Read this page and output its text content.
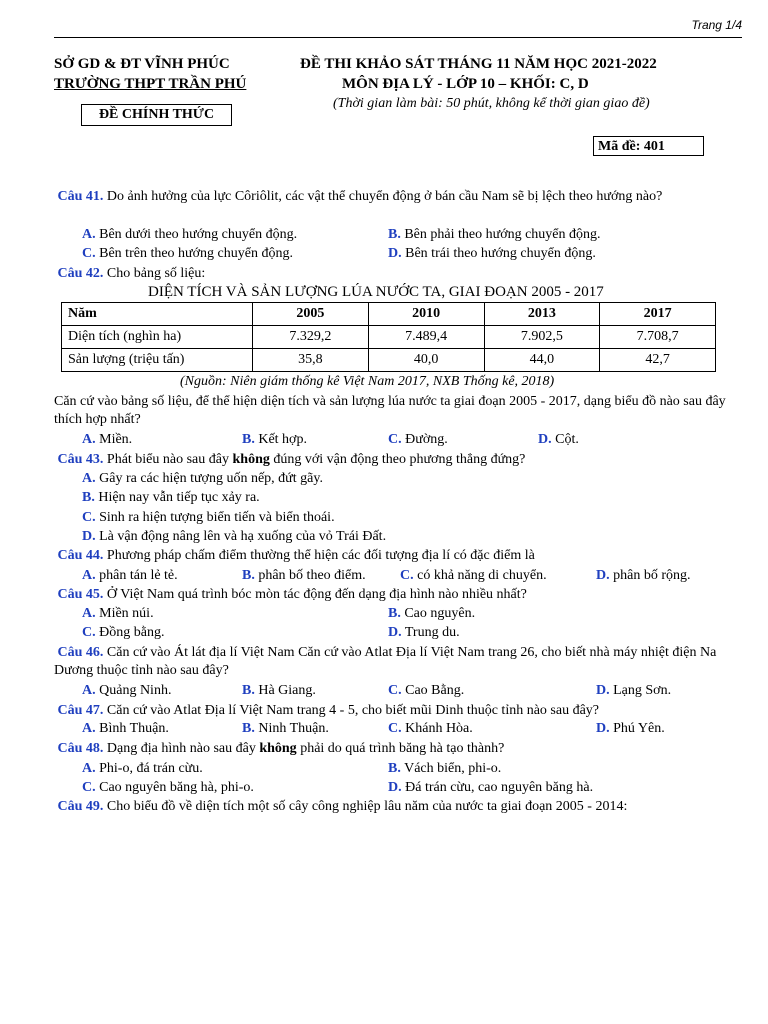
Trang 1/4
SỞ GD & ĐT VĨNH PHÚC
TRƯỜNG THPT TRẦN PHÚ
ĐỀ CHÍNH THỨC
ĐỀ THI KHẢO SÁT THÁNG 11 NĂM HỌC 2021-2022
MÔN ĐỊA LÝ - LỚP 10 – KHỐI: C, D
(Thời gian làm bài: 50 phút, không kể thời gian giao đề)
Mã đề: 401
Câu 41. Do ảnh hưởng của lực Côriôlit, các vật thể chuyển động ở bán cầu Nam sẽ bị lệch theo hướng nào?
A. Bên dưới theo hướng chuyển động.	B. Bên phải theo hướng chuyển động.
C. Bên trên theo hướng chuyển động.	D. Bên trái theo hướng chuyển động.
Câu 42. Cho bảng số liệu:
DIỆN TÍCH VÀ SẢN LƯỢNG LÚA NƯỚC TA, GIAI ĐOẠN 2005 - 2017
Năm	2005	2010	2013	2017
Diện tích (nghìn ha)	7.329,2	7.489,4	7.902,5	7.708,7
Sản lượng (triệu tấn)	35,8	40,0	44,0	42,7
(Nguồn: Niên giám thống kê Việt Nam 2017, NXB Thống kê, 2018)
Căn cứ vào bảng số liệu, để thể hiện diện tích và sản lượng lúa nước ta giai đoạn 2005 - 2017, dạng biểu đồ nào sau đây thích hợp nhất?
A. Miền.	B. Kết hợp.	C. Đường.	D. Cột.
Câu 43. Phát biểu nào sau đây không đúng với vận động theo phương thẳng đứng?
A. Gây ra các hiện tượng uốn nếp, đứt gãy.
B. Hiện nay vẫn tiếp tục xảy ra.
C. Sinh ra hiện tượng biển tiến và biển thoái.
D. Là vận động nâng lên và hạ xuống của vỏ Trái Đất.
Câu 44. Phương pháp chấm điểm thường thể hiện các đối tượng địa lí có đặc điểm là
A. phân tán lẻ tẻ.	B. phân bố theo điểm. C. có khả năng di chuyển.	D. phân bố rộng.
Câu 45. Ở Việt Nam quá trình bóc mòn tác động đến dạng địa hình nào nhiều nhất?
A. Miền núi.	B. Cao nguyên.
C. Đồng bằng.	D. Trung du.
Câu 46. Căn cứ vào Át lát địa lí Việt Nam Căn cứ vào Atlat Địa lí Việt Nam trang 26, cho biết nhà máy nhiệt điện Na Dương thuộc tỉnh nào sau đây?
A. Quảng Ninh.	B. Hà Giang.	C. Cao Bằng.	D. Lạng Sơn.
Câu 47. Căn cứ vào Atlat Địa lí Việt Nam trang 4 - 5, cho biết mũi Dinh thuộc tỉnh nào sau đây?
A. Bình Thuận.	B. Ninh Thuận.	C. Khánh Hòa.	D. Phú Yên.
Câu 48. Dạng địa hình nào sau đây không phải do quá trình băng hà tạo thành?
A. Phi-o, đá trán cừu.	B. Vách biển, phi-o.
C. Cao nguyên băng hà, phi-o.	D. Đá trán cừu, cao nguyên băng hà.
Câu 49. Cho biểu đồ về diện tích một số cây công nghiệp lâu năm của nước ta giai đoạn 2005 - 2014:
